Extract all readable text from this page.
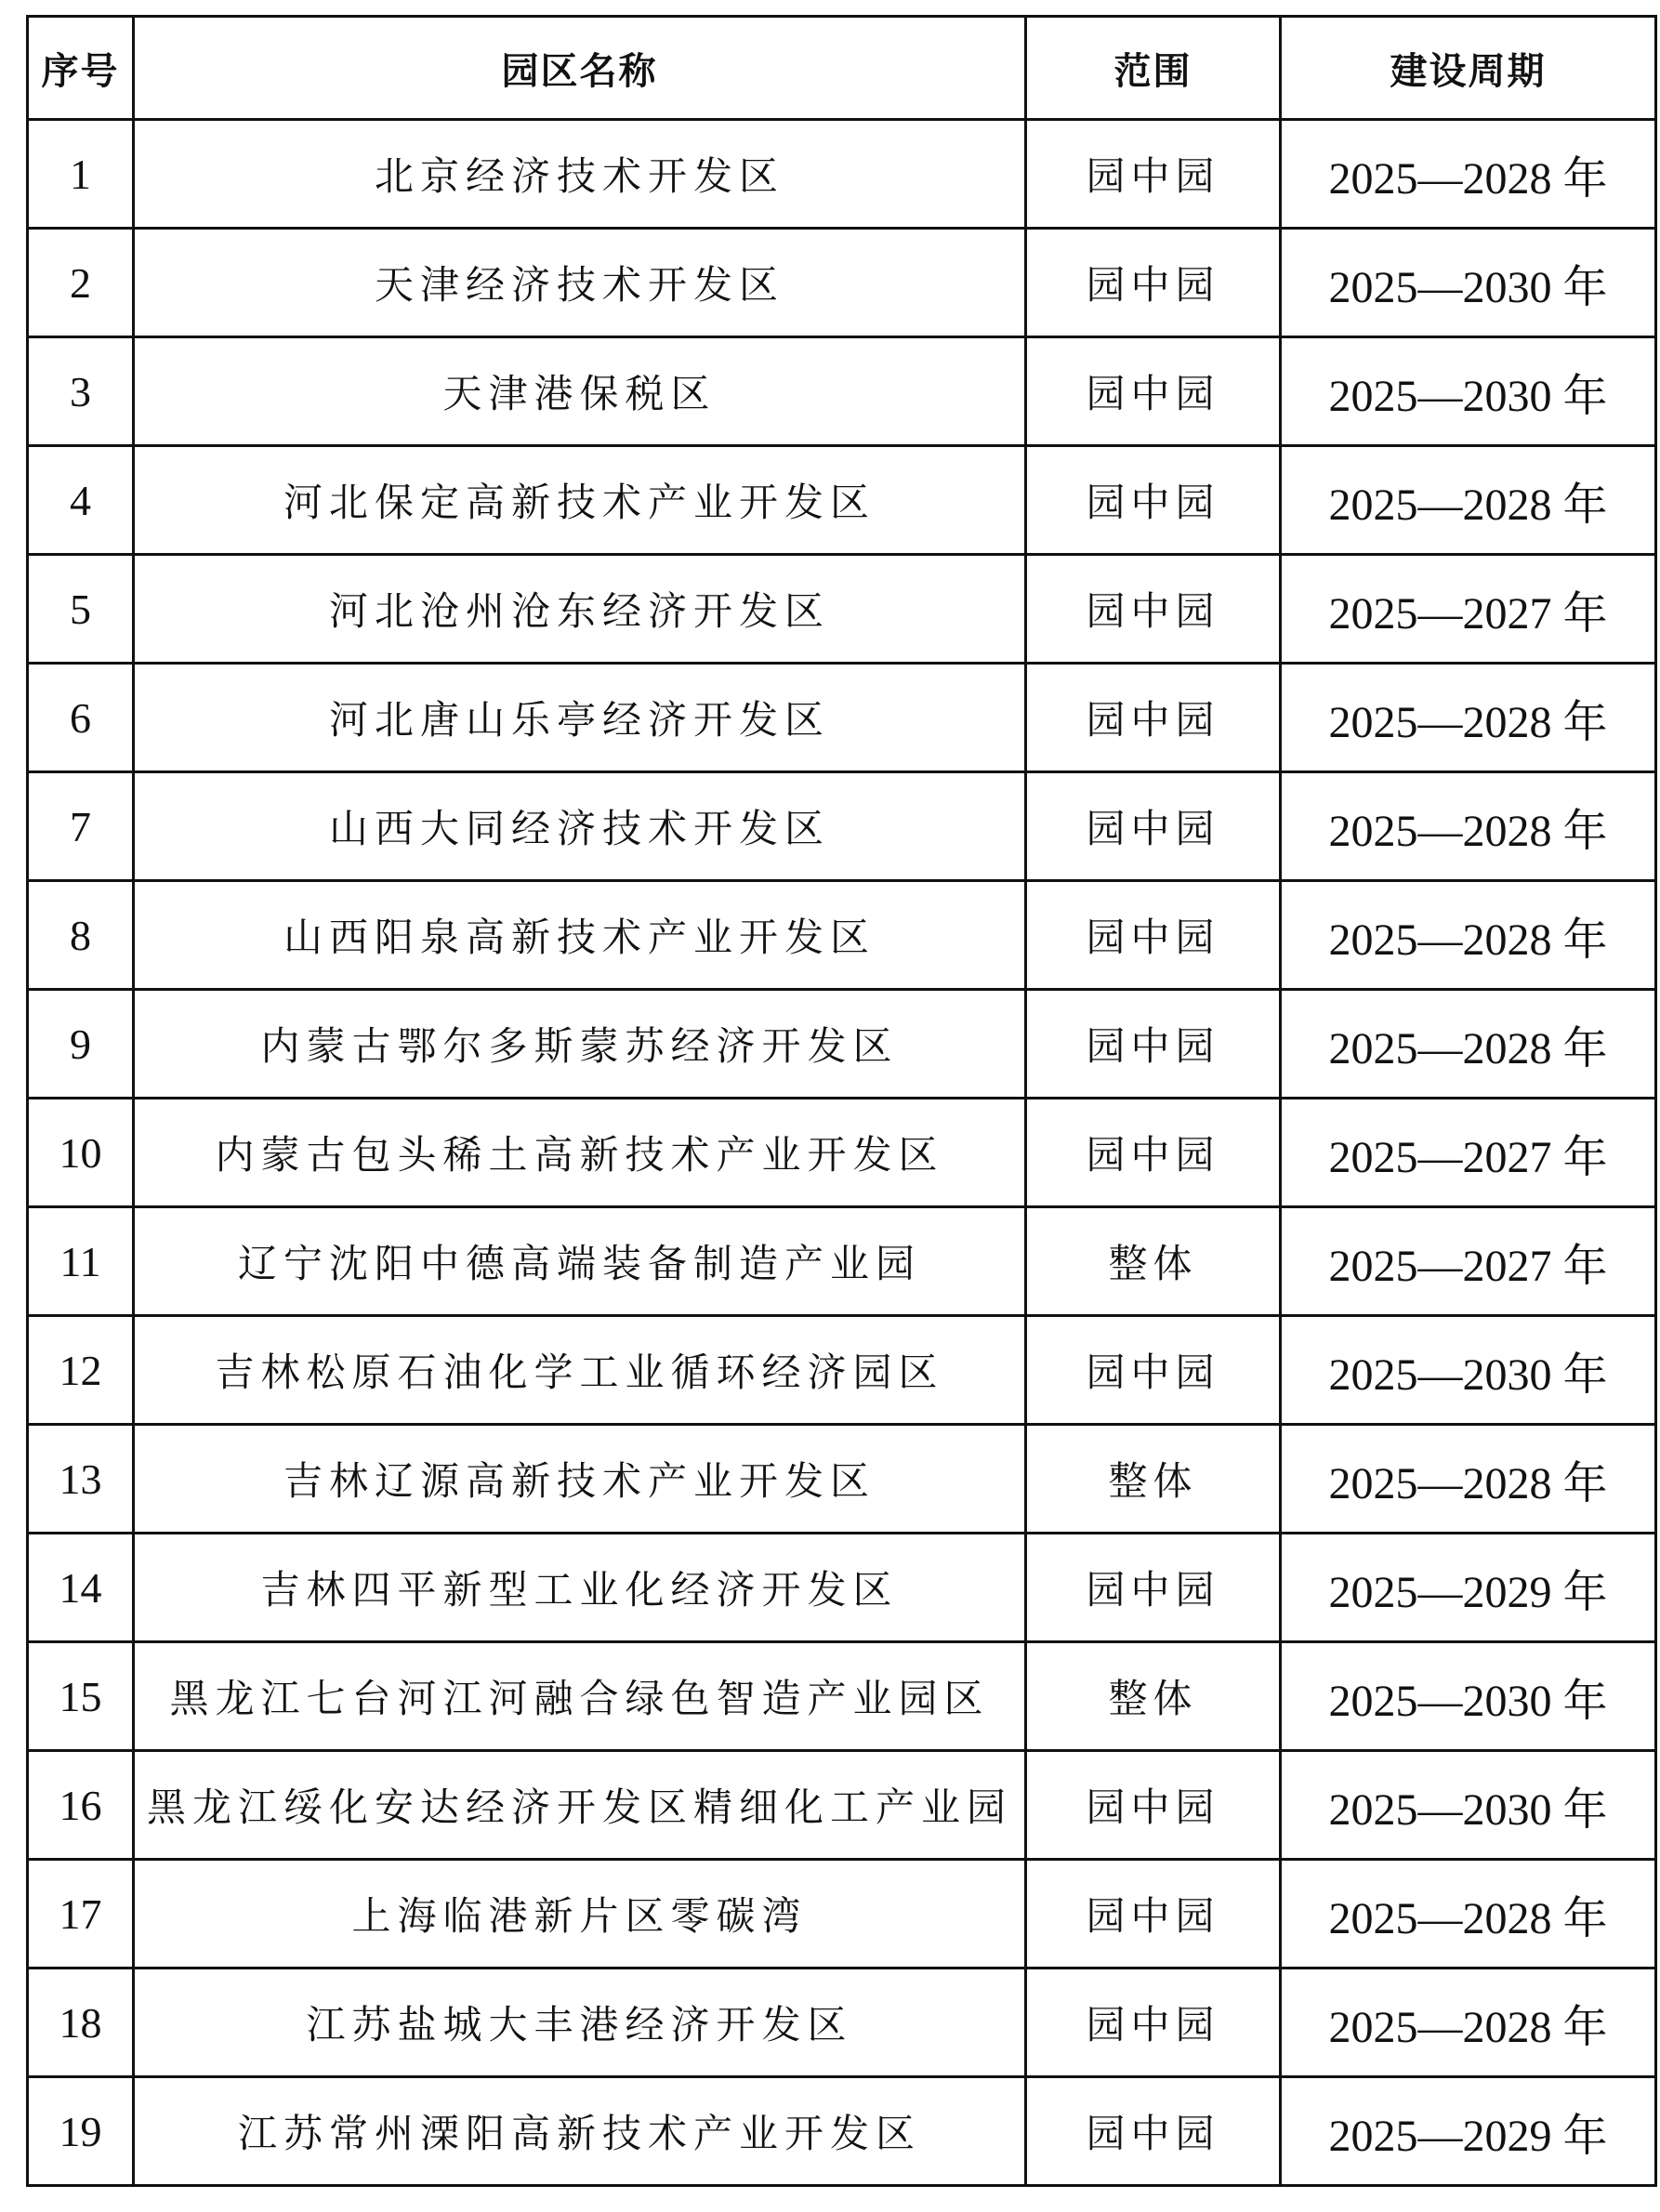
序号	园区名称	范围	建设周期
1	北京经济技术开发区	园中园	2025—2028 年
2	天津经济技术开发区	园中园	2025—2030 年
3	天津港保税区	园中园	2025—2030 年
4	河北保定高新技术产业开发区	园中园	2025—2028 年
5	河北沧州沧东经济开发区	园中园	2025—2027 年
6	河北唐山乐亭经济开发区	园中园	2025—2028 年
7	山西大同经济技术开发区	园中园	2025—2028 年
8	山西阳泉高新技术产业开发区	园中园	2025—2028 年
9	内蒙古鄂尔多斯蒙苏经济开发区	园中园	2025—2028 年
10	内蒙古包头稀土高新技术产业开发区	园中园	2025—2027 年
11	辽宁沈阳中德高端装备制造产业园	整体	2025—2027 年
12	吉林松原石油化学工业循环经济园区	园中园	2025—2030 年
13	吉林辽源高新技术产业开发区	整体	2025—2028 年
14	吉林四平新型工业化经济开发区	园中园	2025—2029 年
15	黑龙江七台河江河融合绿色智造产业园区	整体	2025—2030 年
16	黑龙江绥化安达经济开发区精细化工产业园	园中园	2025—2030 年
17	上海临港新片区零碳湾	园中园	2025—2028 年
18	江苏盐城大丰港经济开发区	园中园	2025—2028 年
19	江苏常州溧阳高新技术产业开发区	园中园	2025—2029 年
